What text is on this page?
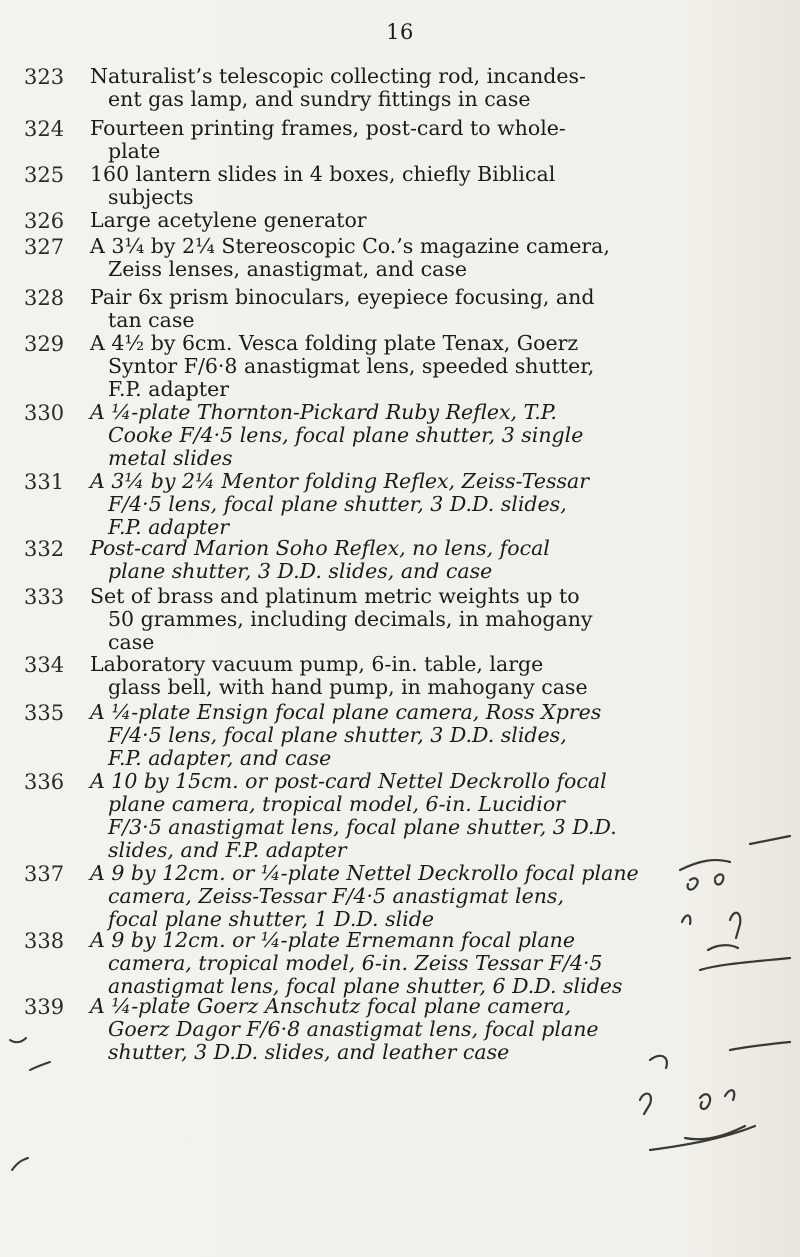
16
323	Naturalist’s telescopic collecting rod, incandes-
ent gas lamp, and sundry fittings in case
324	Fourteen printing frames, post-card to whole-
plate
325	160 lantern slides in 4 boxes, chiefly Biblical
subjects
326	Large acetylene generator
327	A 3¼ by 2¼ Stereoscopic Co.’s magazine camera,
Zeiss lenses, anastigmat, and case
328	Pair 6x prism binoculars, eyepiece focusing, and
tan case
329	A 4½ by 6cm. Vesca folding plate Tenax, Goerz
Syntor F/6·8 anastigmat lens, speeded shutter,
F.P. adapter
330	A ¼-plate Thornton-Pickard Ruby Reflex, T.P.
Cooke F/4·5 lens, focal plane shutter, 3 single
metal slides
331	A 3¼ by 2¼ Mentor folding Reflex, Zeiss-Tessar
F/4·5 lens, focal plane shutter, 3 D.D. slides,
F.P. adapter
332	Post-card Marion Soho Reflex, no lens, focal
plane shutter, 3 D.D. slides, and case
333	Set of brass and platinum metric weights up to
50 grammes, including decimals, in mahogany
case
334	Laboratory vacuum pump, 6-in. table, large
glass bell, with hand pump, in mahogany case
335	A ¼-plate Ensign focal plane camera, Ross Xpres
F/4·5 lens, focal plane shutter, 3 D.D. slides,
F.P. adapter, and case
336	A 10 by 15cm. or post-card Nettel Deckrollo focal
plane camera, tropical model, 6-in. Lucidior
F/3·5 anastigmat lens, focal plane shutter, 3 D.D.
slides, and F.P. adapter
337	A 9 by 12cm. or ¼-plate Nettel Deckrollo focal plane
camera, Zeiss-Tessar F/4·5 anastigmat lens,
focal plane shutter, 1 D.D. slide
338	A 9 by 12cm. or ¼-plate Ernemann focal plane
camera, tropical model, 6-in. Zeiss Tessar F/4·5
anastigmat lens, focal plane shutter, 6 D.D. slides
339	A ¼-plate Goerz Anschutz focal plane camera,
Goerz Dagor F/6·8 anastigmat lens, focal plane
shutter, 3 D.D. slides, and leather case
